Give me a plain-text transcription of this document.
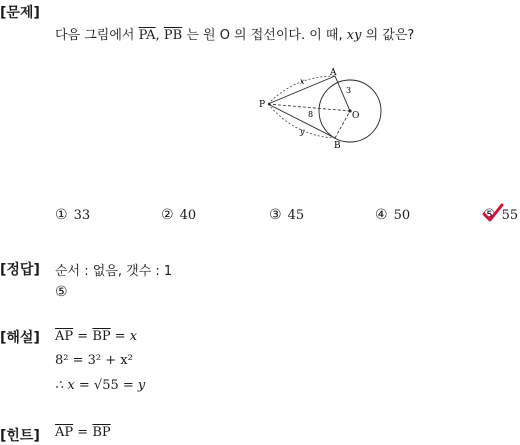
[문제]
다음 그림에서 $\overline{PA}$, $\overline{PB}$ 는 원 O 의 접선이다. 이 때, xy 의 값은?
P
A
B
O
x
y
3
8
① 33	② 40	③ 45	④ 50	⑤ 55
[정답] 순서 : 없음, 갯수 : 1
⑤
[해설] $\overline{AP} = \overline{BP} = x$
8² = 3² + x²
∴ x = √55 = y
[힌트] $\overline{AP} = \overline{BP}$
